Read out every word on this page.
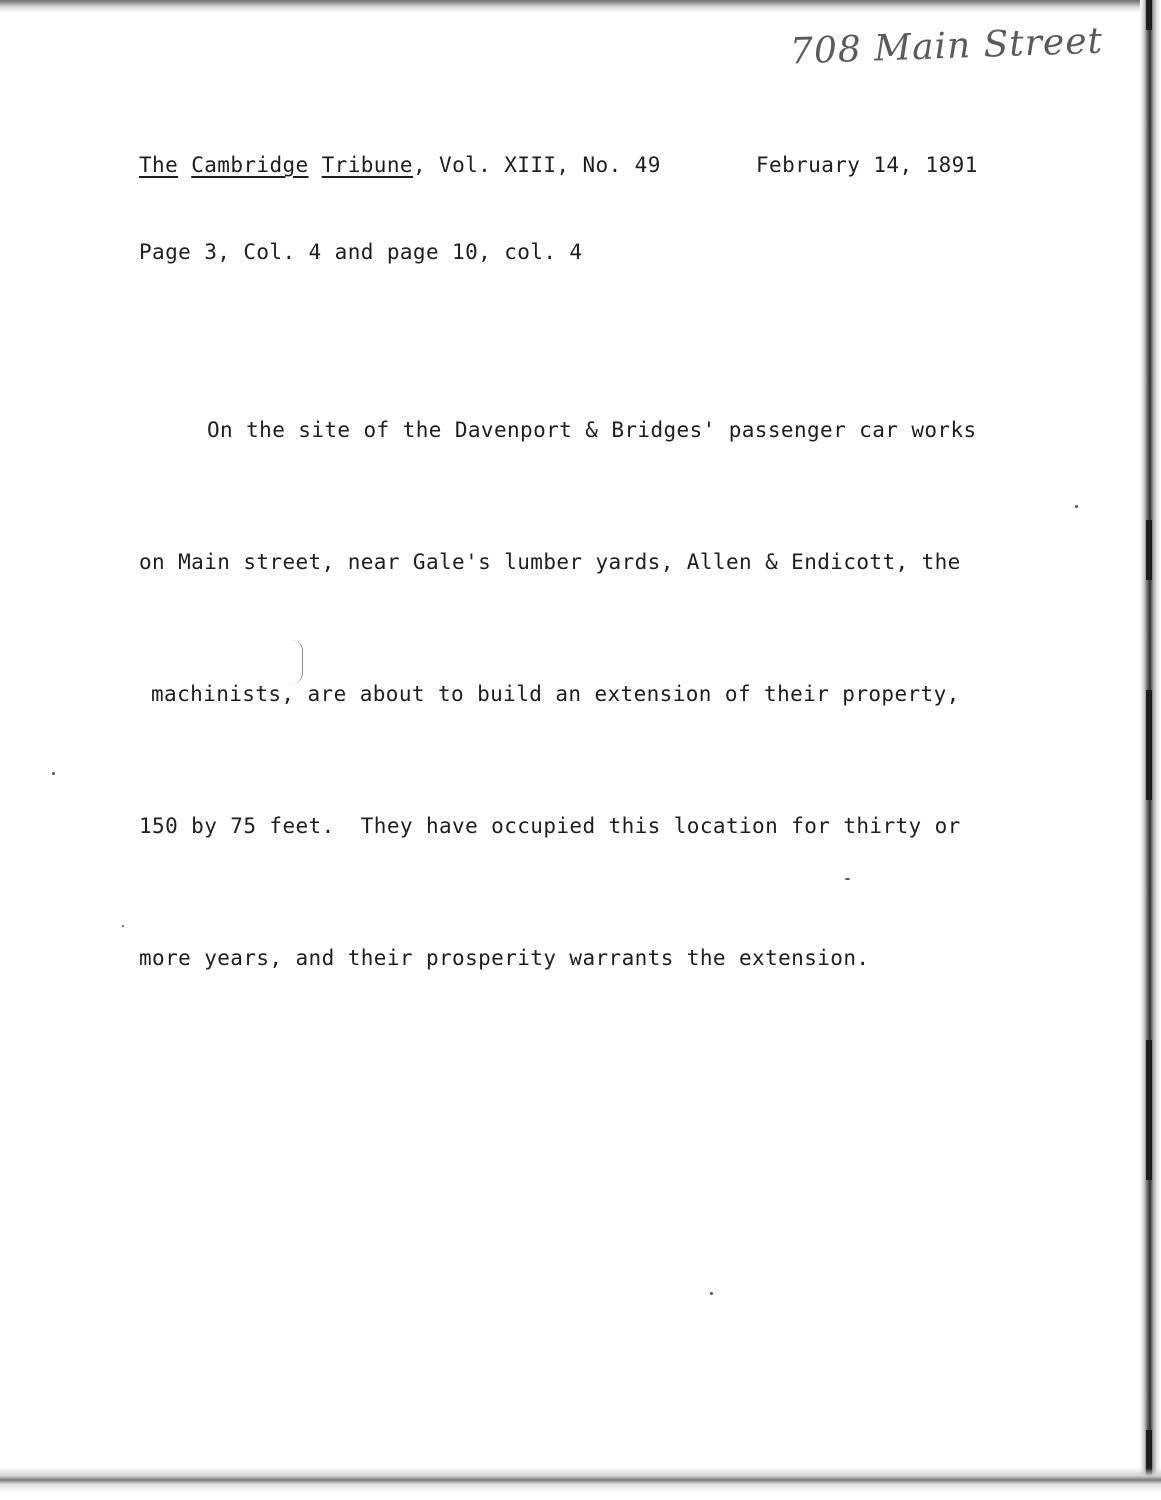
708 Main Street
The Cambridge Tribune, Vol. XIII, No. 49	February 14, 1891
Page 3, Col. 4 and page 10, col. 4

On the site of the Davenport & Bridges' passenger car works

on Main street, near Gale's lumber yards, Allen & Endicott, the

machinists, are about to build an extension of their property,

150 by 75 feet.  They have occupied this location for thirty or

more years, and their prosperity warrants the extension.
